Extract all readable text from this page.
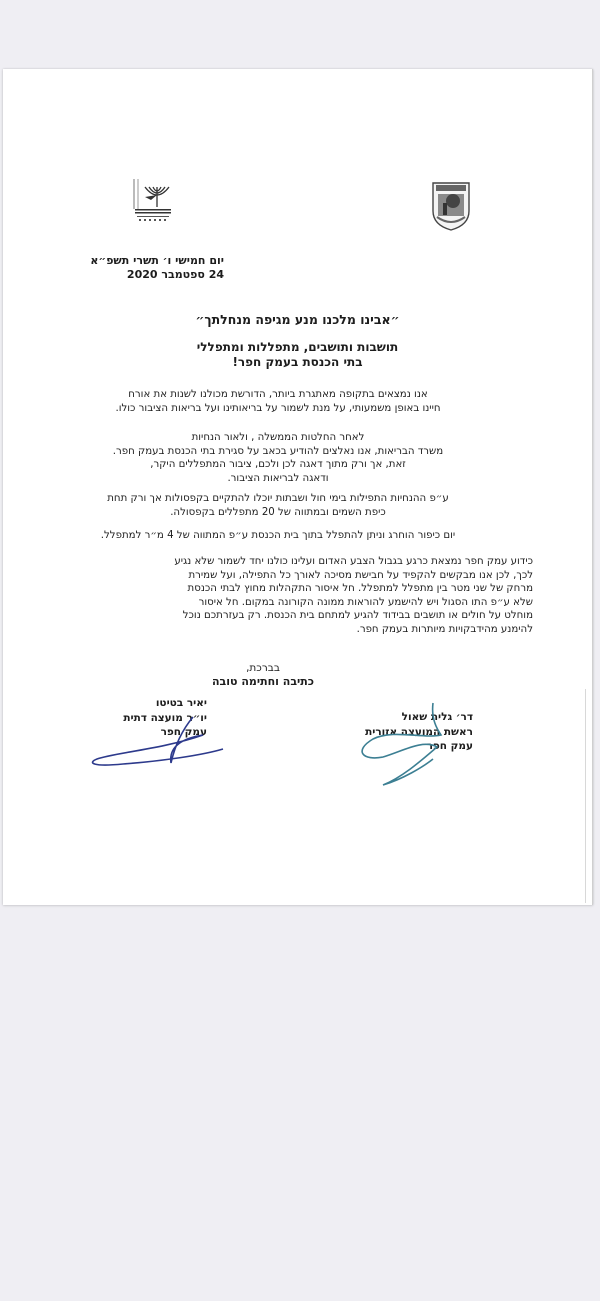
יום חמישי ו׳ תשרי תשפ״א
24 ספטמבר 2020
״אבינו מלכנו מנע מגיפה מנחלתך״
תושבות ותושבים, מתפללות ומתפללי
בתי הכנסת בעמק חפר!
אנו נמצאים בתקופה מאתגרת ביותר, הדורשת מכולנו לשנות את אורח
חיינו באופן משמעותי, על מנת לשמור על בריאותינו ועל בריאות הציבור כולו.
לאחר החלטות הממשלה , ולאור הנחיות
משרד הבריאות, אנו נאלצים להודיע בכאב על סגירת בתי הכנסת בעמק חפר.
זאת, אך ורק מתוך דאגה לכן ולכם, ציבור המתפללים היקר,
ודאגה לבריאות הציבור.
ע״פ ההנחיות התפילות בימי חול ושבתות יוכלו להתקיים בקפסולות אך ורק תחת
כיפת השמים ובמתווה של 20 מתפללים בקפסולה.
יום כיפור הוחרג וניתן להתפלל בתוך בית הכנסת ע״פ המתווה של 4 מ״ר למתפלל.
כידוע עמק חפר נמצאת כרגע בגבול הצבע האדום ועלינו כולנו יחד לשמור שלא נגיע
לכך, לכן אנו מבקשים להקפיד על חבישת מסיכה לאורך כל התפילה, ועל שמירת
מרחק של שני מטר בין מתפלל למתפלל. חל איסור התקהלות מחוץ לבתי הכנסת
שלא ע״פ התו הסגול ויש להישמע להוראות ממונה הקורונה במקום. חל איסור
מוחלט על חולים או תושבים בבידוד להגיע למתחם בית הכנסת. רק בעזרתכם נוכל
להימנע מהידבקויות מיותרות בעמק חפר.
בברכת,
כתיבה וחתימה טובה
יאיר בטיטו
יו״ר מועצה דתית
עמק חפר
דר׳ גלית שאול
ראשת המועצה אזורית
עמק חפר
